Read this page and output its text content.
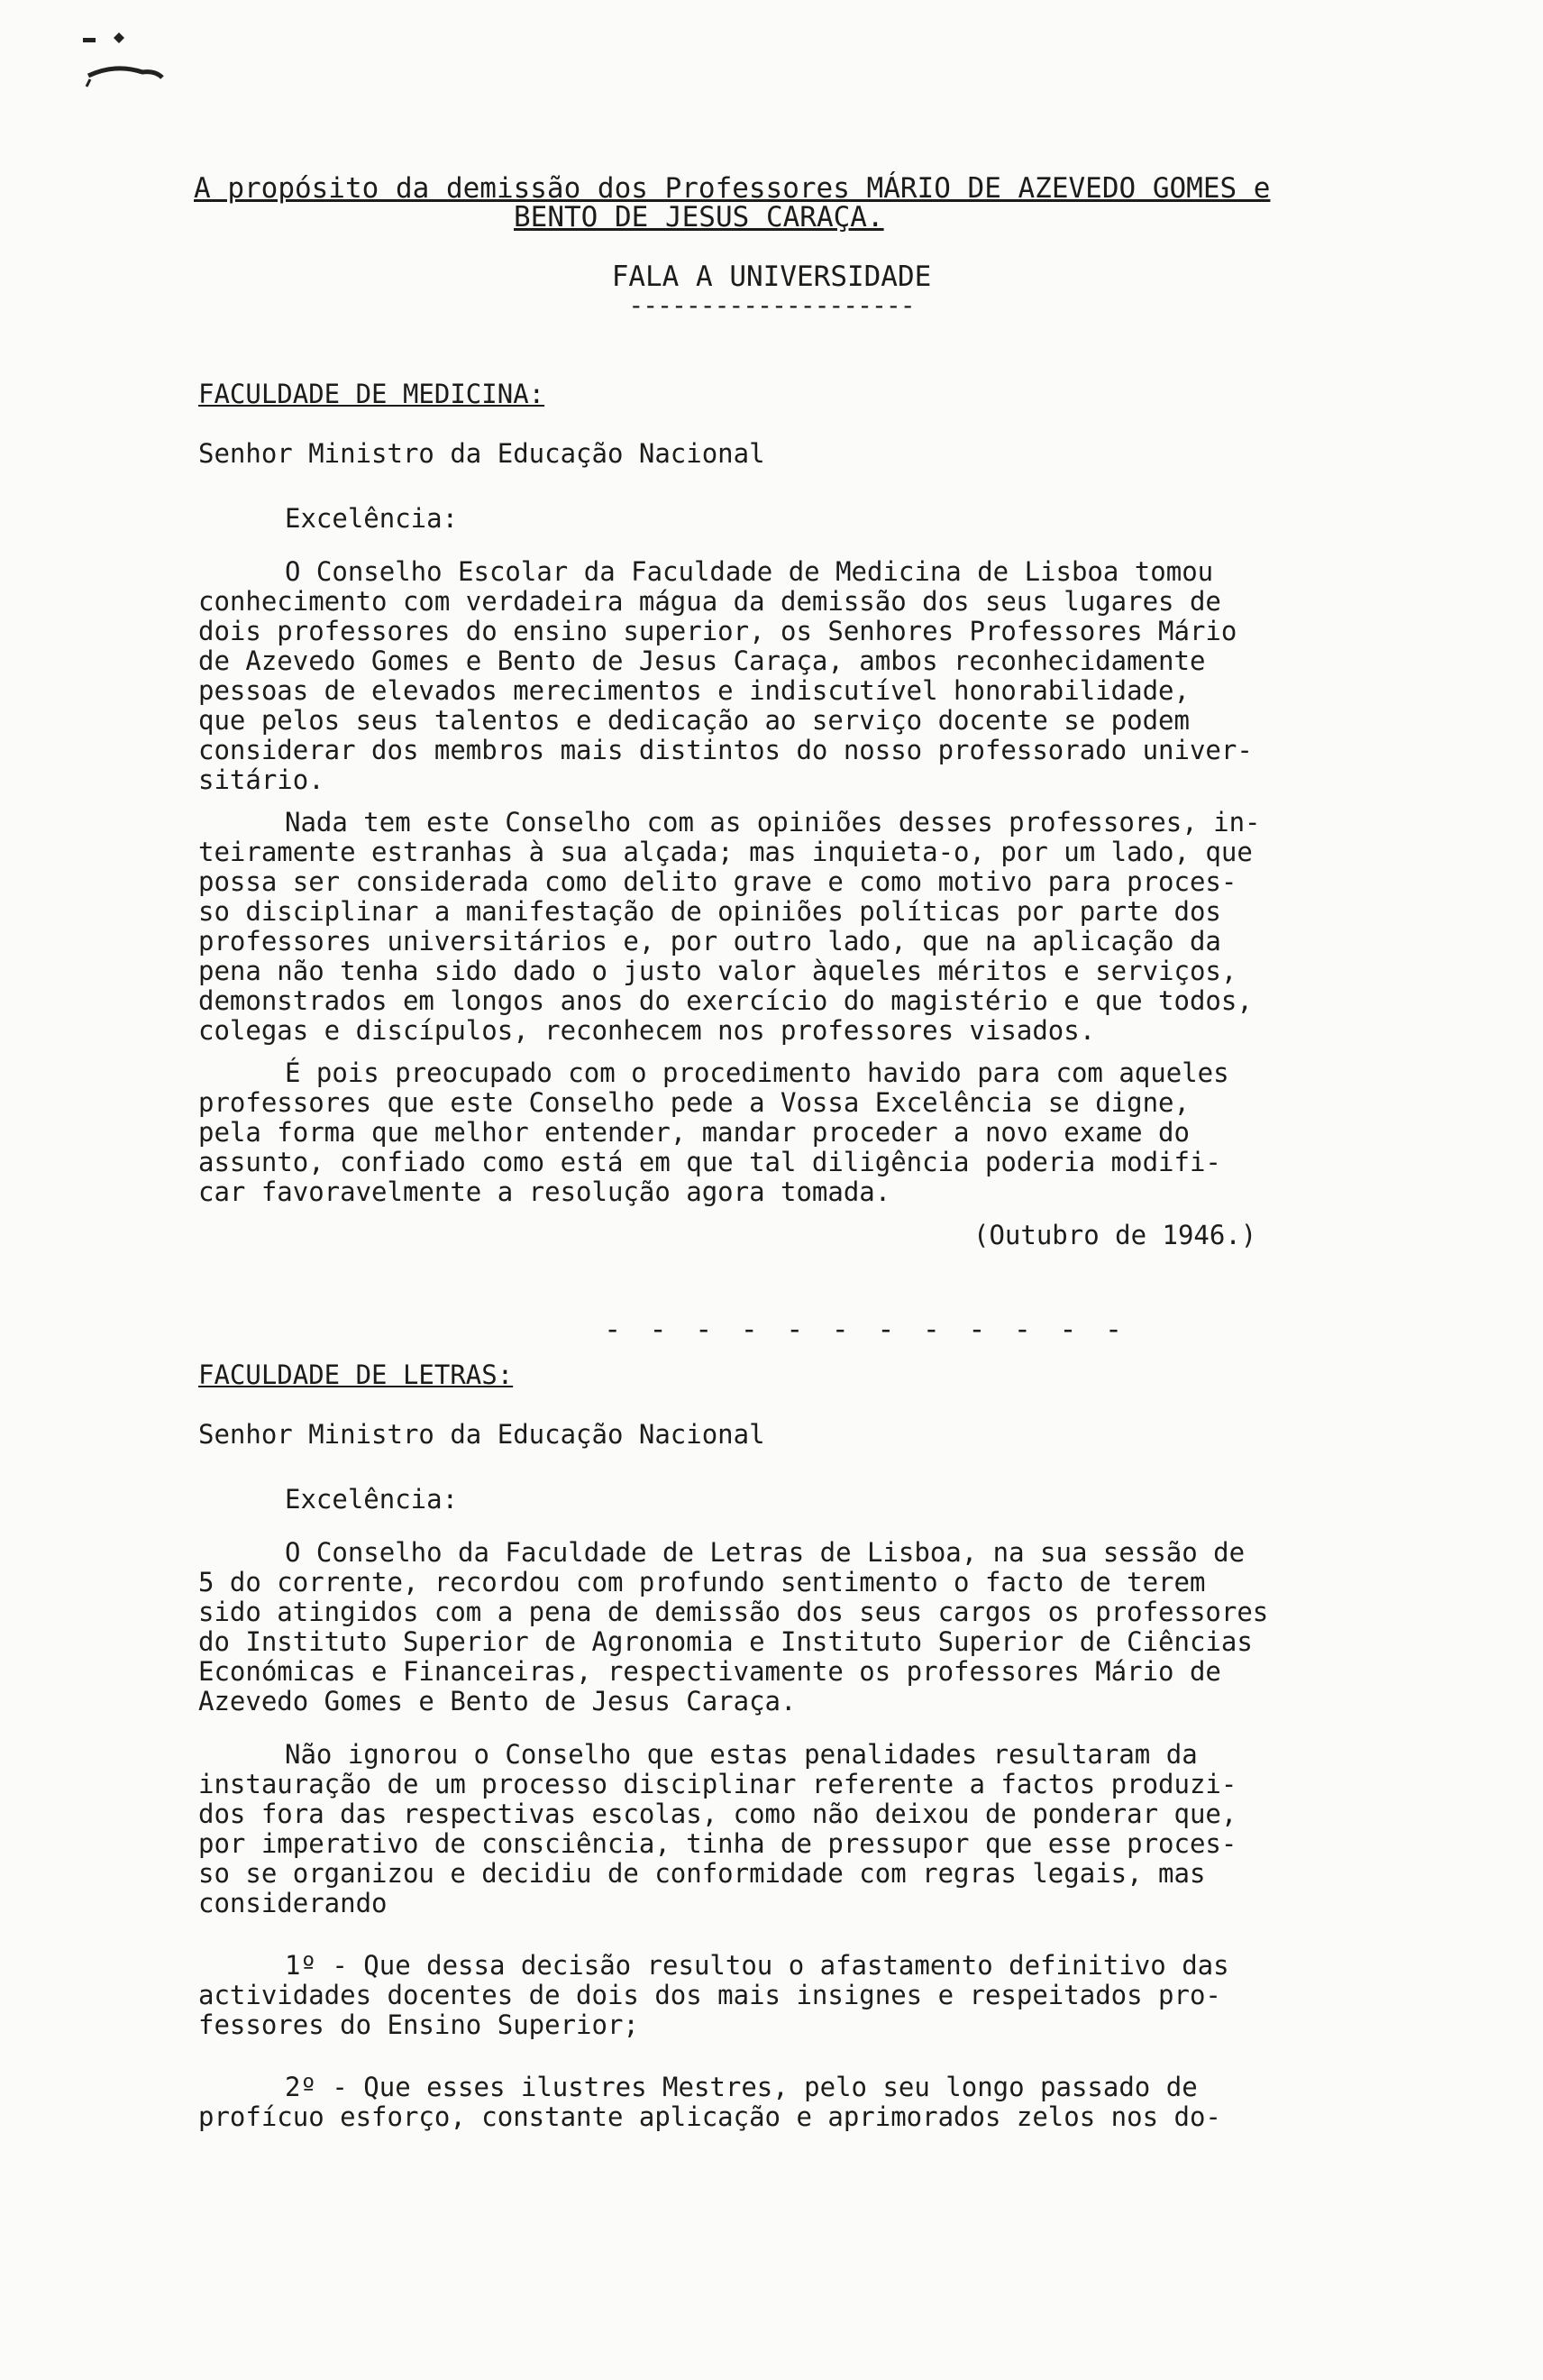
A propósito da demissão dos Professores MÁRIO DE AZEVEDO GOMES e
BENTO DE JESUS CARAÇA.
FALA A UNIVERSIDADE
--------------------
FACULDADE DE MEDICINA:
Senhor Ministro da Educação Nacional
Excelência:
O Conselho Escolar da Faculdade de Medicina de Lisboa tomou
conhecimento com verdadeira mágua da demissão dos seus lugares de
dois professores do ensino superior, os Senhores Professores Mário
de Azevedo Gomes e Bento de Jesus Caraça, ambos reconhecidamente
pessoas de elevados merecimentos e indiscutível honorabilidade,
que pelos seus talentos e dedicação ao serviço docente se podem
considerar dos membros mais distintos do nosso professorado univer-
sitário.
Nada tem este Conselho com as opiniões desses professores, in-
teiramente estranhas à sua alçada; mas inquieta-o, por um lado, que
possa ser considerada como delito grave e como motivo para proces-
so disciplinar a manifestação de opiniões políticas por parte dos
professores universitários e, por outro lado, que na aplicação da
pena não tenha sido dado o justo valor àqueles méritos e serviços,
demonstrados em longos anos do exercício do magistério e que todos,
colegas e discípulos, reconhecem nos professores visados.
É pois preocupado com o procedimento havido para com aqueles
professores que este Conselho pede a Vossa Excelência se digne,
pela forma que melhor entender, mandar proceder a novo exame do
assunto, confiado como está em que tal diligência poderia modifi-
car favoravelmente a resolução agora tomada.
(Outubro de 1946.)
- - - - - - - - - - - -
FACULDADE DE LETRAS:
Senhor Ministro da Educação Nacional
Excelência:
O Conselho da Faculdade de Letras de Lisboa, na sua sessão de
5 do corrente, recordou com profundo sentimento o facto de terem
sido atingidos com a pena de demissão dos seus cargos os professores
do Instituto Superior de Agronomia e Instituto Superior de Ciências
Económicas e Financeiras, respectivamente os professores Mário de
Azevedo Gomes e Bento de Jesus Caraça.
Não ignorou o Conselho que estas penalidades resultaram da
instauração de um processo disciplinar referente a factos produzi-
dos fora das respectivas escolas, como não deixou de ponderar que,
por imperativo de consciência, tinha de pressupor que esse proces-
so se organizou e decidiu de conformidade com regras legais, mas
considerando
1º - Que dessa decisão resultou o afastamento definitivo das
actividades docentes de dois dos mais insignes e respeitados pro-
fessores do Ensino Superior;
2º - Que esses ilustres Mestres, pelo seu longo passado de
profícuo esforço, constante aplicação e aprimorados zelos nos do-
